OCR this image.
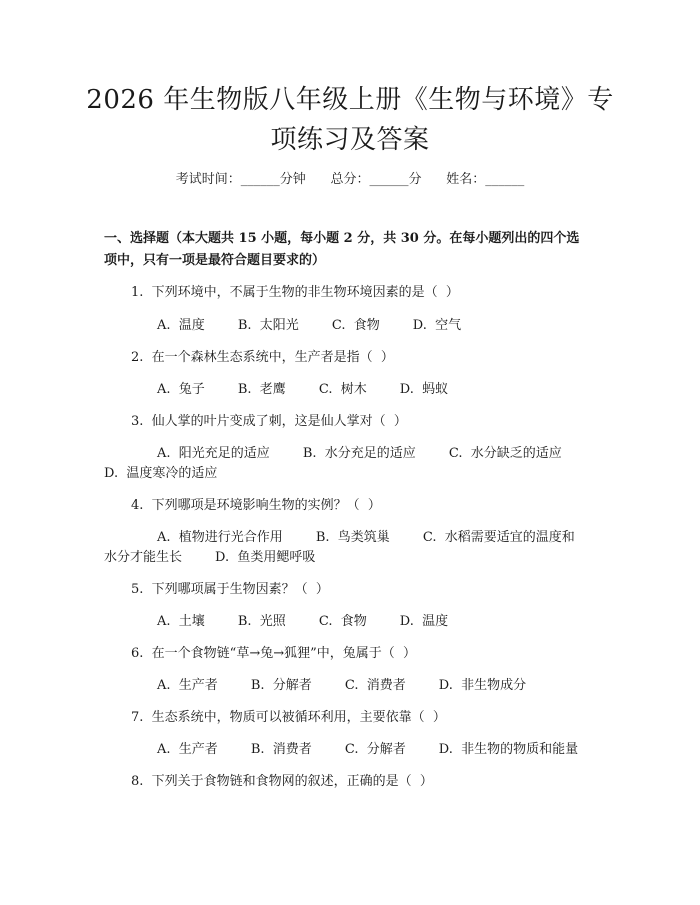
2026 年生物版八年级上册《生物与环境》专
项练习及答案
考试时间：______分钟      总分：______分      姓名：______
一、选择题（本大题共 15 小题，每小题 2 分，共 30 分。在每小题列出的四个选
项中，只有一项是最符合题目要求的）
1.  下列环境中，不属于生物的非生物环境因素的是（  ）
A.  温度        B.  太阳光        C.  食物        D.  空气
2.  在一个森林生态系统中，生产者是指（  ）
A.  兔子        B.  老鹰        C.  树木        D.  蚂蚁
3.  仙人掌的叶片变成了刺，这是仙人掌对（  ）
A.  阳光充足的适应        B.  水分充足的适应        C.  水分缺乏的适应
D.  温度寒冷的适应
4.  下列哪项是环境影响生物的实例？（  ）
A.  植物进行光合作用        B.  鸟类筑巢        C.  水稻需要适宜的温度和
水分才能生长        D.  鱼类用鳃呼吸
5.  下列哪项属于生物因素？（  ）
A.  土壤        B.  光照        C.  食物        D.  温度
6.  在一个食物链“草→兔→狐狸”中，兔属于（  ）
A.  生产者        B.  分解者        C.  消费者        D.  非生物成分
7.  生态系统中，物质可以被循环利用，主要依靠（  ）
A.  生产者        B.  消费者        C.  分解者        D.  非生物的物质和能量
8.  下列关于食物链和食物网的叙述，正确的是（  ）
